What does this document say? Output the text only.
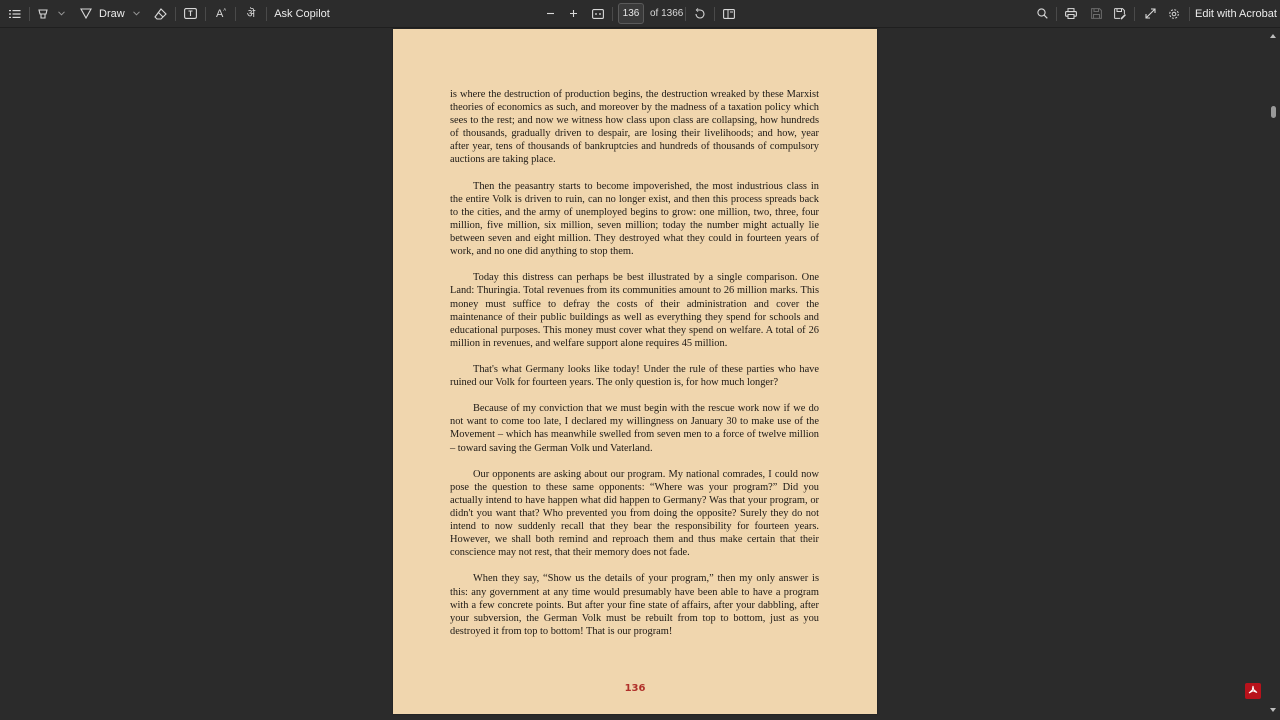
Draw	$A^ᴬ$ ऄ Ask Copilot	136	of 1366	Edit with Acrobat

is where the destruction of production begins, the destruction wreaked by these Marxist theories of economics as such, and moreover by the madness of a taxation policy which sees to the rest; and now we witness how class upon class are collapsing, how hundreds of thousands, gradually driven to despair, are losing their livelihoods; and how, year after year, tens of thousands of bankruptcies and hundreds of thousands of compulsory auctions are taking place.

Then the peasantry starts to become impoverished, the most industrious class in the entire Volk is driven to ruin, can no longer exist, and then this process spreads back to the cities, and the army of unemployed begins to grow: one million, two, three, four million, five million, six million, seven million; today the number might actually lie between seven and eight million. They destroyed what they could in fourteen years of work, and no one did anything to stop them.

Today this distress can perhaps be best illustrated by a single comparison. One Land: Thuringia. Total revenues from its communities amount to 26 million marks. This money must suffice to defray the costs of their administration and cover the maintenance of their public buildings as well as everything they spend for schools and educational purposes. This money must cover what they spend on welfare. A total of 26 million in revenues, and welfare support alone requires 45 million.

That's what Germany looks like today! Under the rule of these parties who have ruined our Volk for fourteen years. The only question is, for how much longer?

Because of my conviction that we must begin with the rescue work now if we do not want to come too late, I declared my willingness on January 30 to make use of the Movement – which has meanwhile swelled from seven men to a force of twelve million – toward saving the German Volk und Vaterland.

Our opponents are asking about our program. My national comrades, I could now pose the question to these same opponents: “Where was your program?” Did you actually intend to have happen what did happen to Germany? Was that your program, or didn't you want that? Who prevented you from doing the opposite? Surely they do not intend to now suddenly recall that they bear the responsibility for fourteen years. However, we shall both remind and reproach them and thus make certain that their conscience may not rest, that their memory does not fade.

When they say, “Show us the details of your program,” then my only answer is this: any government at any time would presumably have been able to have a program with a few concrete points. But after your fine state of affairs, after your dabbling, after your subversion, the German Volk must be rebuilt from top to bottom, just as you destroyed it from top to bottom! That is our program!

136
